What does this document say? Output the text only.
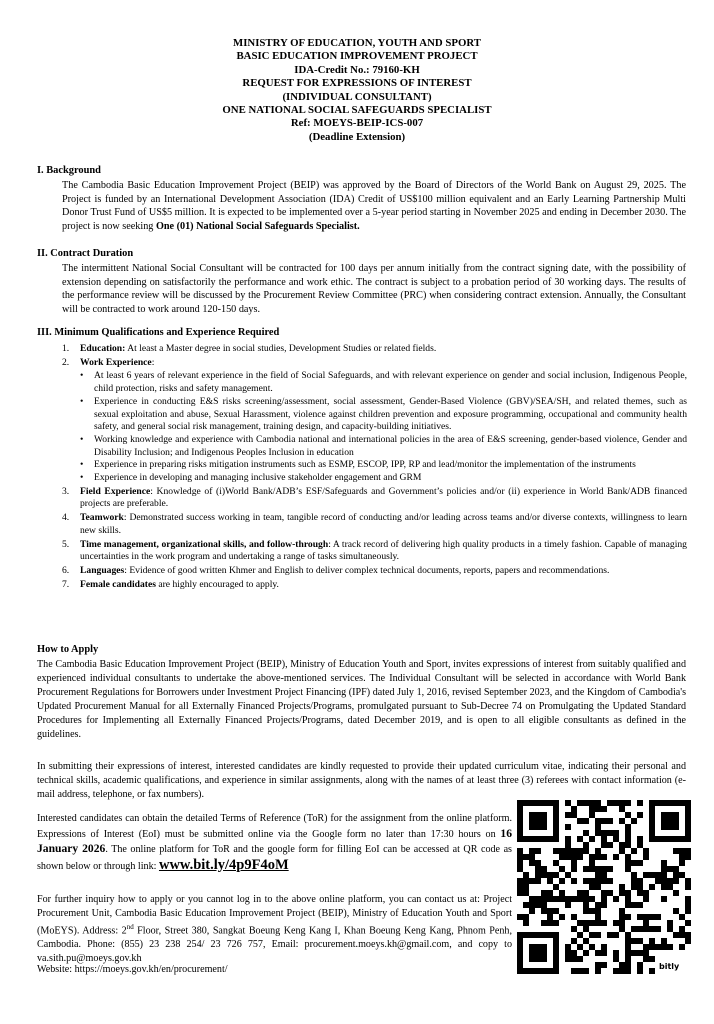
MINISTRY OF EDUCATION, YOUTH AND SPORT
BASIC EDUCATION IMPROVEMENT PROJECT
IDA-Credit No.: 79160-KH
REQUEST FOR EXPRESSIONS OF INTEREST
(INDIVIDUAL CONSULTANT)
ONE NATIONAL SOCIAL SAFEGUARDS SPECIALIST
Ref: MOEYS-BEIP-ICS-007
(Deadline Extension)
I. Background

The Cambodia Basic Education Improvement Project (BEIP) was approved by the Board of Directors of the World Bank on August 29, 2025. The Project is funded by an International Development Association (IDA) Credit of US$100 million equivalent and an Early Learning Partnership Multi Donor Trust Fund of US$5 million. It is expected to be implemented over a 5-year period starting in November 2025 and ending in December 2030. The project is now seeking One (01) National Social Safeguards Specialist.

II. Contract Duration

The intermittent National Social Consultant will be contracted for 100 days per annum initially from the contract signing date, with the possibility of extension depending on satisfactorily the performance and work ethic. The contract is subject to a probation period of 30 working days. The results of the performance review will be discussed by the Procurement Review Committee (PRC) when considering contract extension. Annually, the Consultant will be contracted to work around 120-150 days.

III. Minimum Qualifications and Experience Required
1. Education: At least a Master degree in social studies, Development Studies or related fields.
2. Work Experience:
• At least 6 years of relevant experience in the field of Social Safeguards, and with relevant experience on gender and social inclusion, Indigenous People, child protection, risks and safety management.
• Experience in conducting E&S risks screening/assessment, social assessment, Gender-Based Violence (GBV)/SEA/SH, and related themes, such as sexual exploitation and abuse, Sexual Harassment, violence against children prevention and exposure programming, occupational and community health safety, and general social risk management, training design, and capacity-building initiatives.
• Working knowledge and experience with Cambodia national and international policies in the area of E&S screening, gender-based violence, Gender and Disability Inclusion; and Indigenous Peoples Inclusion in education
• Experience in preparing risks mitigation instruments such as ESMP, ESCOP, IPP, RP and lead/monitor the implementation of the instruments
• Experience in developing and managing inclusive stakeholder engagement and GRM
3. Field Experience: Knowledge of (i)World Bank/ADB’s ESF/Safeguards and Government’s policies and/or (ii) experience in World Bank/ADB financed projects are preferable.
4. Teamwork: Demonstrated success working in team, tangible record of conducting and/or leading across teams and/or diverse contexts, willingness to learn new skills.
5. Time management, organizational skills, and follow-through: A track record of delivering high quality products in a timely fashion. Capable of managing uncertainties in the work program and undertaking a range of tasks simultaneously.
6. Languages: Evidence of good written Khmer and English to deliver complex technical documents, reports, papers and recommendations.
7. Female candidates are highly encouraged to apply.
How to Apply

The Cambodia Basic Education Improvement Project (BEIP), Ministry of Education Youth and Sport, invites expressions of interest from suitably qualified and experienced individual consultants to undertake the above-mentioned services. The Individual Consultant will be selected in accordance with World Bank Procurement Regulations for Borrowers under Investment Project Financing (IPF) dated July 1, 2016, revised September 2023, and the Kingdom of Cambodia's Updated Procurement Manual for all Externally Financed Projects/Programs, promulgated pursuant to Sub-Decree 74 on Promulgating the Updated Standard Procedures for Implementing all Externally Financed Projects/Programs, dated December 2019, and is open to all eligible consultants as defined in the guidelines.

In submitting their expressions of interest, interested candidates are kindly requested to provide their updated curriculum vitae, indicating their personal and technical skills, academic qualifications, and experience in similar assignments, along with the names of at least three (3) referees with contact information (e-mail address, telephone, or fax numbers).

Interested candidates can obtain the detailed Terms of Reference (ToR) for the assignment from the online platform. Expressions of Interest (EoI) must be submitted online via the Google form no later than 17:30 hours on 16 January 2026. The online platform for ToR and the google form for filling EoI can be accessed at QR code as shown below or through link: www.bit.ly/4p9F4oM

For further inquiry how to apply or you cannot log in to the above online platform, you can contact us at: Project Procurement Unit, Cambodia Basic Education Improvement Project (BEIP), Ministry of Education Youth and Sport (MoEYS). Address: 2nd Floor, Street 380, Sangkat Boeung Keng Kang I, Khan Boeung Keng Kang, Phnom Penh, Cambodia. Phone: (855) 23 238 254/ 23 726 757, Email: procurement.moeys.kh@gmail.com, and copy to va.sith.pu@moeys.gov.kh

Website: https://moeys.gov.kh/en/procurement/	bitly
